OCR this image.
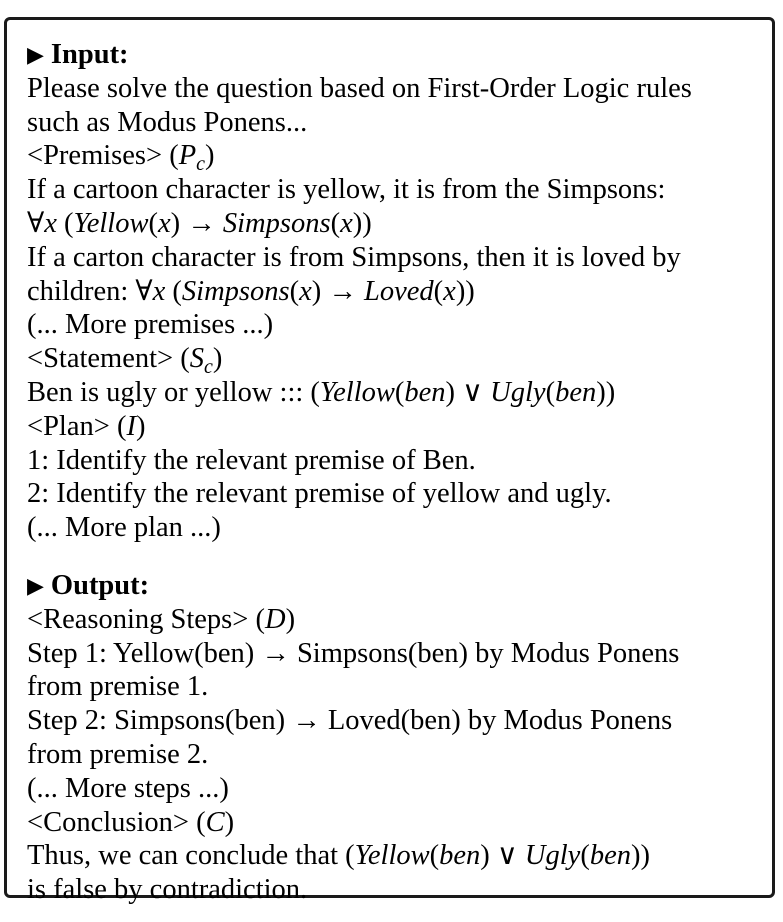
▶ Input:
Please solve the question based on First-Order Logic rules
such as Modus Ponens...
<Premises> $(P_c)$
If a cartoon character is yellow, it is from the Simpsons:
∀x (Yellow(x) → Simpsons(x))
If a carton character is from Simpsons, then it is loved by
children: ∀x (Simpsons(x) → Loved(x))
(... More premises ...)
<Statement> $(S_c)$
Ben is ugly or yellow ::: (Yellow(ben) ∨ Ugly(ben))
<Plan> (I)
1: Identify the relevant premise of Ben.
2: Identify the relevant premise of yellow and ugly.
(... More plan ...)
▶ Output:
<Reasoning Steps> (D)
Step 1: Yellow(ben) → Simpsons(ben) by Modus Ponens
from premise 1.
Step 2: Simpsons(ben) → Loved(ben) by Modus Ponens
from premise 2.
(... More steps ...)
<Conclusion> (C)
Thus, we can conclude that (Yellow(ben) ∨ Ugly(ben))
is false by contradiction.
